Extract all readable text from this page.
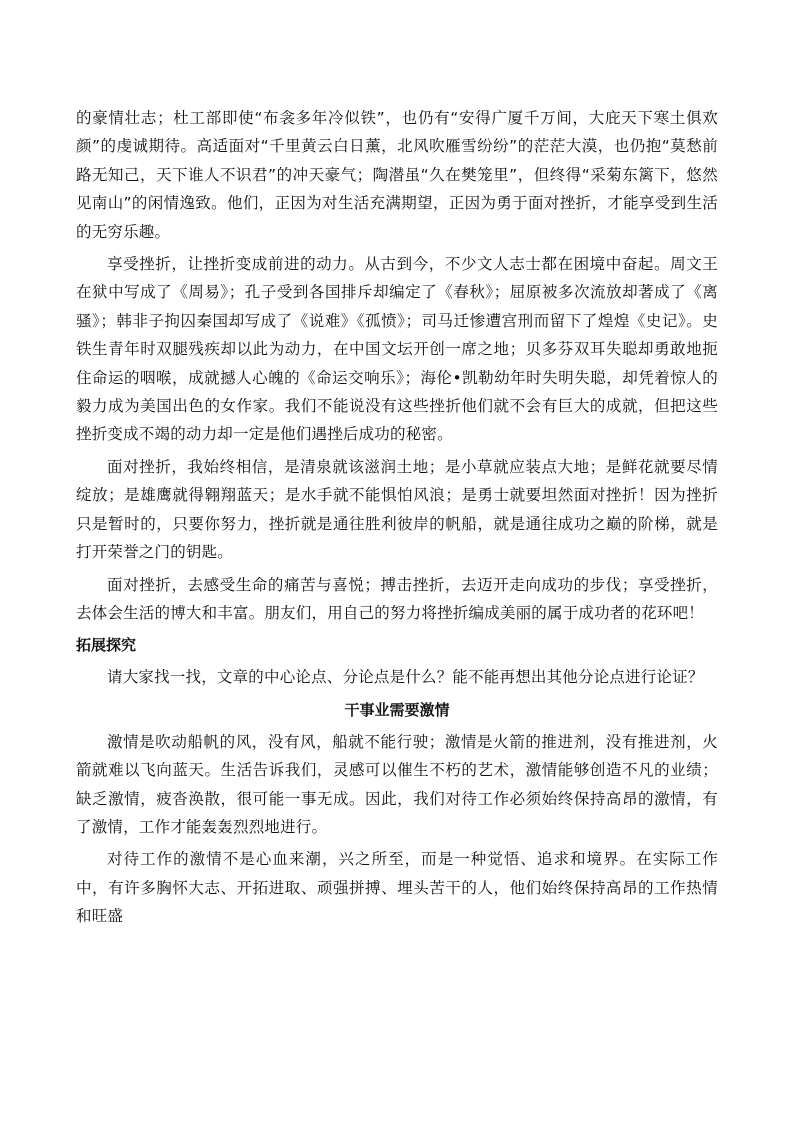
的豪情壮志；杜工部即使“布衾多年冷似铁”，也仍有“安得广厦千万间，大庇天下寒土俱欢颜”的虔诚期待。高适面对“千里黄云白日薰，北风吹雁雪纷纷”的茫茫大漠，也仍抱“莫愁前路无知己，天下谁人不识君”的冲天豪气；陶潜虽“久在樊笼里”，但终得“采菊东篱下，悠然见南山”的闲情逸致。他们，正因为对生活充满期望，正因为勇于面对挫折，才能享受到生活的无穷乐趣。

享受挫折，让挫折变成前进的动力。从古到今，不少文人志士都在困境中奋起。周文王在狱中写成了《周易》；孔子受到各国排斥却编定了《春秋》；屈原被多次流放却著成了《离骚》；韩非子拘囚秦国却写成了《说难》《孤愤》；司马迁惨遭宫刑而留下了煌煌《史记》。史铁生青年时双腿残疾却以此为动力，在中国文坛开创一席之地；贝多芬双耳失聪却勇敢地扼住命运的咽喉，成就撼人心魄的《命运交响乐》；海伦•凯勒幼年时失明失聪，却凭着惊人的毅力成为美国出色的女作家。我们不能说没有这些挫折他们就不会有巨大的成就，但把这些挫折变成不竭的动力却一定是他们遇挫后成功的秘密。

面对挫折，我始终相信，是清泉就该滋润土地；是小草就应装点大地；是鲜花就要尽情绽放；是雄鹰就得翱翔蓝天；是水手就不能惧怕风浪；是勇士就要坦然面对挫折！因为挫折只是暂时的，只要你努力，挫折就是通往胜利彼岸的帆船，就是通往成功之巅的阶梯，就是打开荣誉之门的钥匙。

面对挫折，去感受生命的痛苦与喜悦；搏击挫折，去迈开走向成功的步伐；享受挫折，去体会生活的博大和丰富。朋友们，用自己的努力将挫折编成美丽的属于成功者的花环吧！

拓展探究

请大家找一找，文章的中心论点、分论点是什么？能不能再想出其他分论点进行论证？

干事业需要激情

激情是吹动船帆的风，没有风，船就不能行驶；激情是火箭的推进剂，没有推进剂，火箭就难以飞向蓝天。生活告诉我们，灵感可以催生不朽的艺术，激情能够创造不凡的业绩；缺乏激情，疲沓涣散，很可能一事无成。因此，我们对待工作必须始终保持高昂的激情，有了激情，工作才能轰轰烈烈地进行。

对待工作的激情不是心血来潮，兴之所至，而是一种觉悟、追求和境界。在实际工作中，有许多胸怀大志、开拓进取、顽强拼搏、埋头苦干的人，他们始终保持高昂的工作热情和旺盛
